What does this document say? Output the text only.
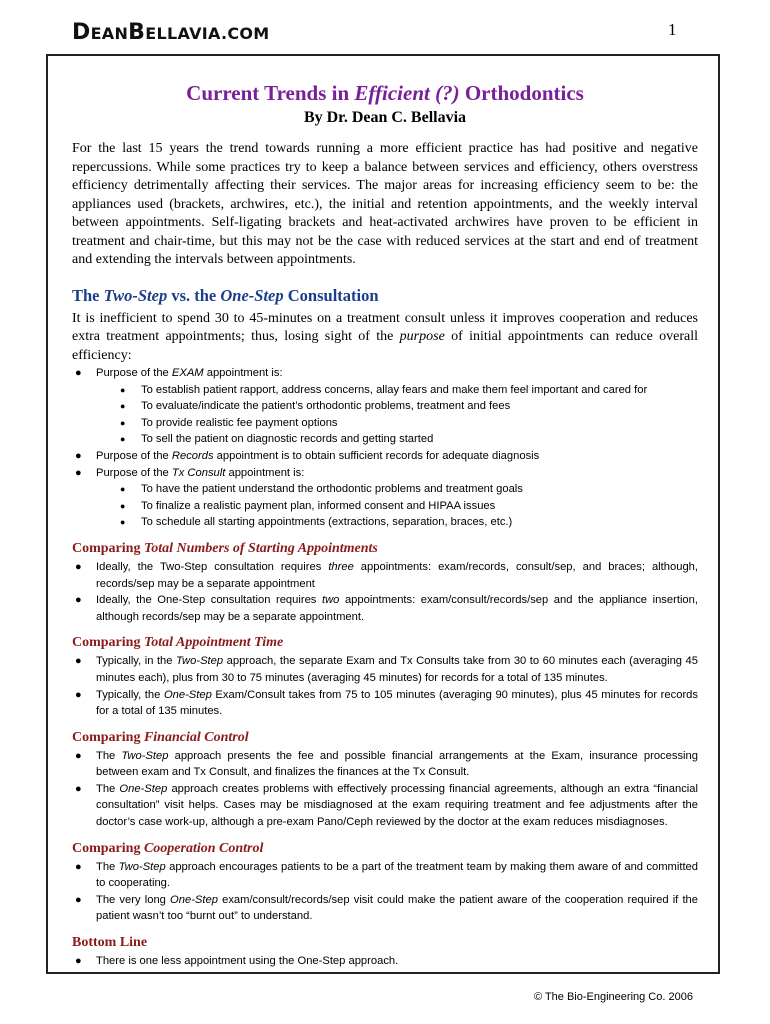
DEANBELLAVIA.COM	1
Current Trends in Efficient (?) Orthodontics

By Dr. Dean C. Bellavia

For the last 15 years the trend towards running a more efficient practice has had positive and negative repercussions. While some practices try to keep a balance between services and efficiency, others overstress efficiency detrimentally affecting their services. The major areas for increasing efficiency seem to be: the appliances used (brackets, archwires, etc.), the initial and retention appointments, and the weekly interval between appointments. Self-ligating brackets and heat-activated archwires have proven to be efficient in treatment and chair-time, but this may not be the case with reduced services at the start and end of treatment and extending the intervals between appointments.

The Two-Step vs. the One-Step Consultation

It is inefficient to spend 30 to 45-minutes on a treatment consult unless it improves cooperation and reduces extra treatment appointments; thus, losing sight of the purpose of initial appointments can reduce overall efficiency:

● Purpose of the EXAM appointment is:
● To establish patient rapport, address concerns, allay fears and make them feel important and cared for
● To evaluate/indicate the patient’s orthodontic problems, treatment and fees
● To provide realistic fee payment options
● To sell the patient on diagnostic records and getting started
● Purpose of the Records appointment is to obtain sufficient records for adequate diagnosis
● Purpose of the Tx Consult appointment is:
● To have the patient understand the orthodontic problems and treatment goals
● To finalize a realistic payment plan, informed consent and HIPAA issues
● To schedule all starting appointments (extractions, separation, braces, etc.)
Comparing Total Numbers of Starting Appointments
● Ideally, the Two-Step consultation requires three appointments: exam/records, consult/sep, and braces; although, records/sep may be a separate appointment
● Ideally, the One-Step consultation requires two appointments: exam/consult/records/sep and the appliance insertion, although records/sep may be a separate appointment.
Comparing Total Appointment Time
● Typically, in the Two-Step approach, the separate Exam and Tx Consults take from 30 to 60 minutes each (averaging 45 minutes each), plus from 30 to 75 minutes (averaging 45 minutes) for records for a total of 135 minutes.
● Typically, the One-Step Exam/Consult takes from 75 to 105 minutes (averaging 90 minutes), plus 45 minutes for records for a total of 135 minutes.
Comparing Financial Control
● The Two-Step approach presents the fee and possible financial arrangements at the Exam, insurance processing between exam and Tx Consult, and finalizes the finances at the Tx Consult.
● The One-Step approach creates problems with effectively processing financial agreements, although an extra “financial consultation” visit helps. Cases may be misdiagnosed at the exam requiring treatment and fee adjustments after the doctor’s case work-up, although a pre-exam Pano/Ceph reviewed by the doctor at the exam reduces misdiagnoses.
Comparing Cooperation Control
● The Two-Step approach encourages patients to be a part of the treatment team by making them aware of and committed to cooperating.
● The very long One-Step exam/consult/records/sep visit could make the patient aware of the cooperation required if the patient wasn’t too “burnt out” to understand.
Bottom Line
● There is one less appointment using the One-Step approach.
© The Bio-Engineering Co. 2006
